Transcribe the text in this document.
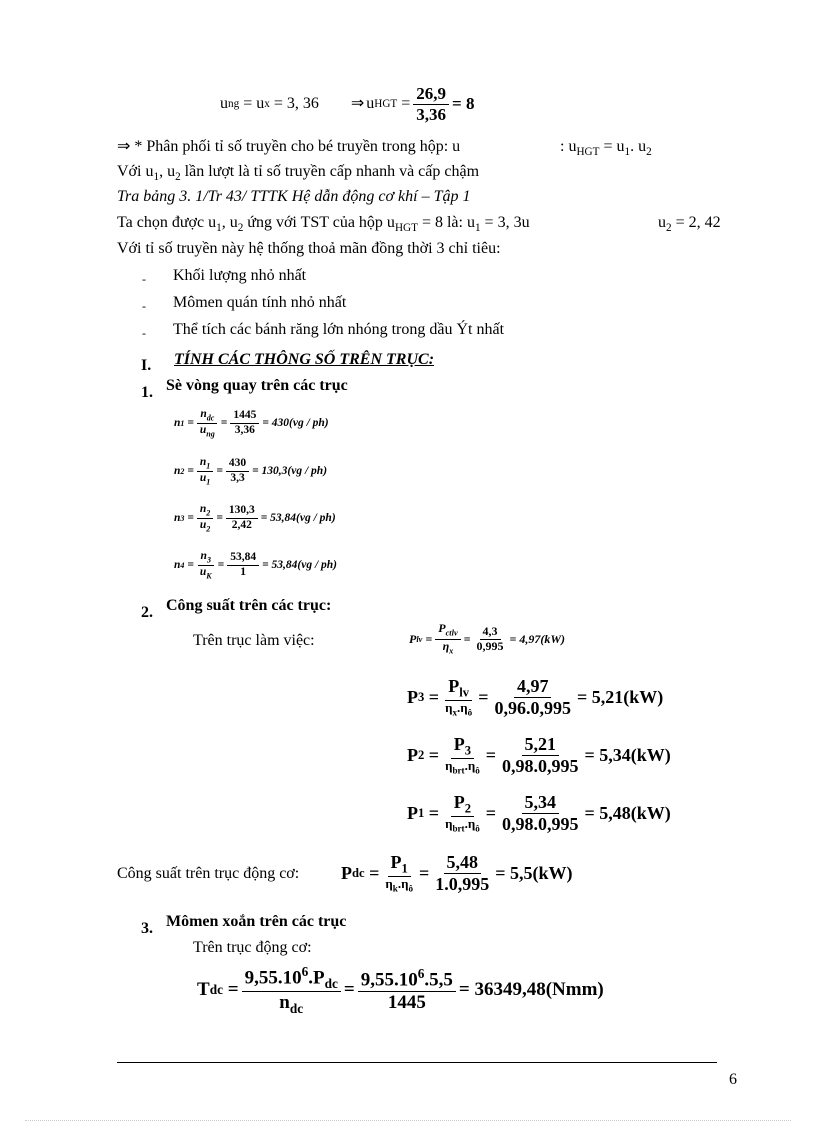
u ng = u x = 3, 36 ⇒ u HGT = $\frac{26,9}{3,36} = 8$
⇒ * Phân phối tỉ số truyền cho bé truyền trong hộp: u	: $u_{HGT} = u_1$. $u_2$
Với $u_1$, $u_2$ lần lượt là tỉ số truyền cấp nhanh và cấp chậm
Tra bảng 3. 1/Tr 43/ TTTK Hệ dẫn động cơ khí – Tập 1
Ta chọn được $u_1$, $u_2$ ứng với TST của hộp $u_{HGT} = 8$ là: $u_1 = 3$, 3u	$u_2 = 2$, 42
Với tỉ số truyền này hệ thống thoả mãn đồng thời 3 chỉ tiêu:
- Khối lượng nhỏ nhất
- Mômen quán tính nhỏ nhất
- Thể tích các bánh răng lớn nhóng trong dầu Ýt nhất
I. TÍNH CÁC THÔNG SỐ TRÊN TRỤC:
1. Sè vòng quay trên các trục
n $1 = \frac{n_{dc}}{u_{ng}} = \frac{1445}{3,36} = 430(vg / ph)$
n $2 = \frac{n_1}{u_1} = \frac{430}{3,3} = 130,3(vg / ph)$
n $3 = \frac{n_2}{u_2} = \frac{130,3}{2,42} = 53,84(vg / ph)$
n $4 = \frac{n_3}{u_K} = \frac{53,84}{1} = 53,84(vg / ph)$
2. Công suất trên các trục:
Trên trục làm việc:	P lv = $\frac{P_{ctlv}}{\eta_x} = \frac{4,3}{0,995} = 4,97(kW)$
P $3 = \frac{P_{lv}}{\eta_x.\eta_ô} = \frac{4,97}{0,96.0,995} = 5,21(kW)$
P $2 = \frac{P_3}{\eta_{brt}.\eta_ô} = \frac{5,21}{0,98.0,995} = 5,34(kW)$
P $1 = \frac{P_2}{\eta_{brt}.\eta_ô} = \frac{5,34}{0,98.0,995} = 5,48(kW)$
Công suất trên trục động cơ: P dc = $\frac{P_1}{\eta_k.\eta_ô} = \frac{5,48}{1.0,995} = 5,5(kW)$
3. Mômen xoắn trên các trục
Trên trục động cơ:
T dc = $\frac{9,55.10^6.P_{dc}}{n_{dc}} = \frac{9,55.10^6.5,5}{1445} = 36349,48(Nmm)$
6
